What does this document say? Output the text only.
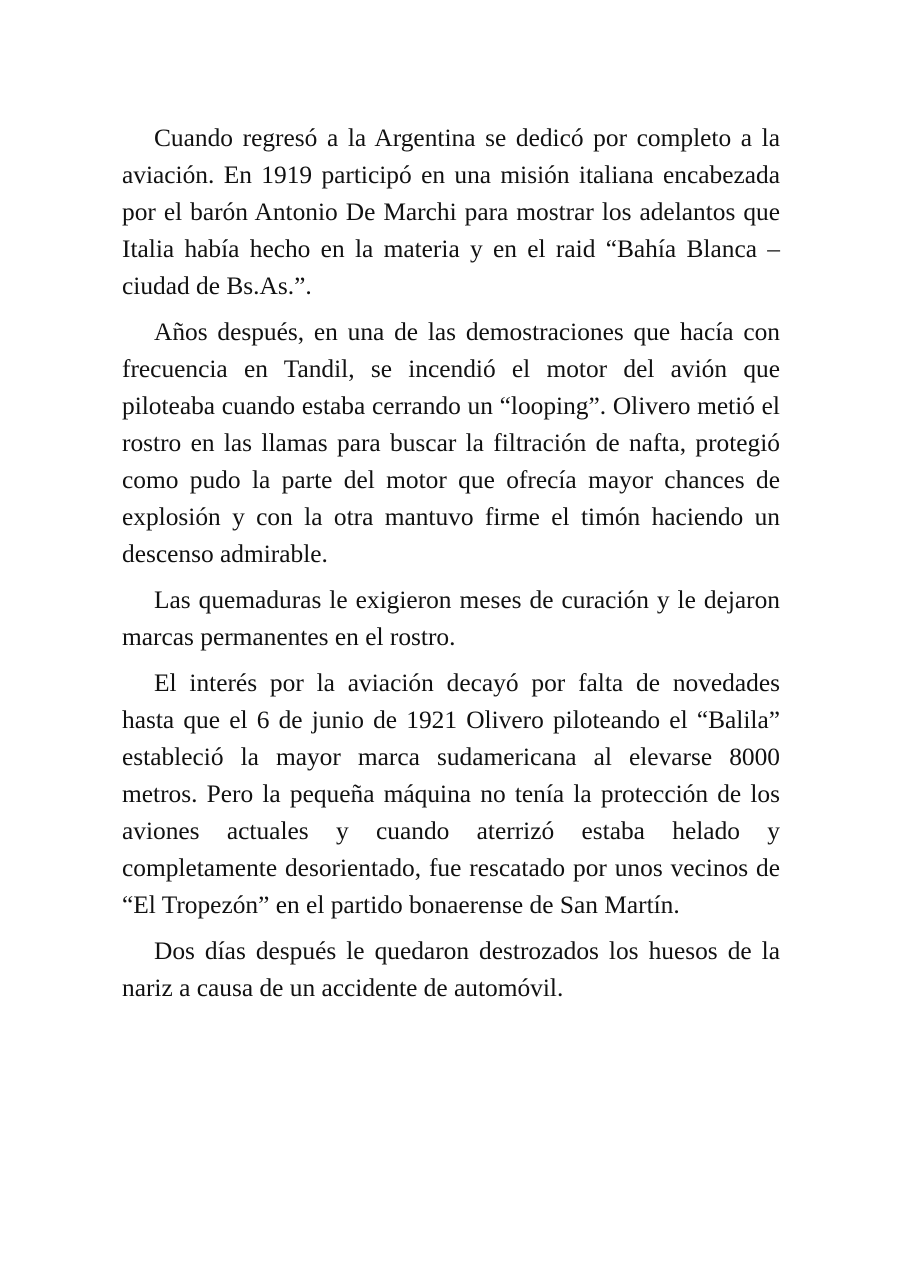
Cuando regresó a la Argentina se dedicó por completo a la aviación. En 1919 participó en una misión italiana encabezada por el barón Antonio De Marchi para mostrar los adelantos que Italia había hecho en la materia y en el raid “Bahía Blanca – ciudad de Bs.As.”.

Años después, en una de las demostraciones que hacía con frecuencia en Tandil, se incendió el motor del avión que piloteaba cuando estaba cerrando un “looping”. Olivero metió el rostro en las llamas para buscar la filtración de nafta, protegió como pudo la parte del motor que ofrecía mayor chances de explosión y con la otra mantuvo firme el timón haciendo un descenso admirable.

Las quemaduras le exigieron meses de curación y le dejaron marcas permanentes en el rostro.

El interés por la aviación decayó por falta de novedades hasta que el 6 de junio de 1921 Olivero piloteando el “Balila” estableció la mayor marca sudamericana al elevarse 8000 metros. Pero la pequeña máquina no tenía la protección de los aviones actuales y cuando aterrizó estaba helado y completamente desorientado, fue rescatado por unos vecinos de “El Tropezón” en el partido bonaerense de San Martín.

Dos días después le quedaron destrozados los huesos de la nariz a causa de un accidente de automóvil.
